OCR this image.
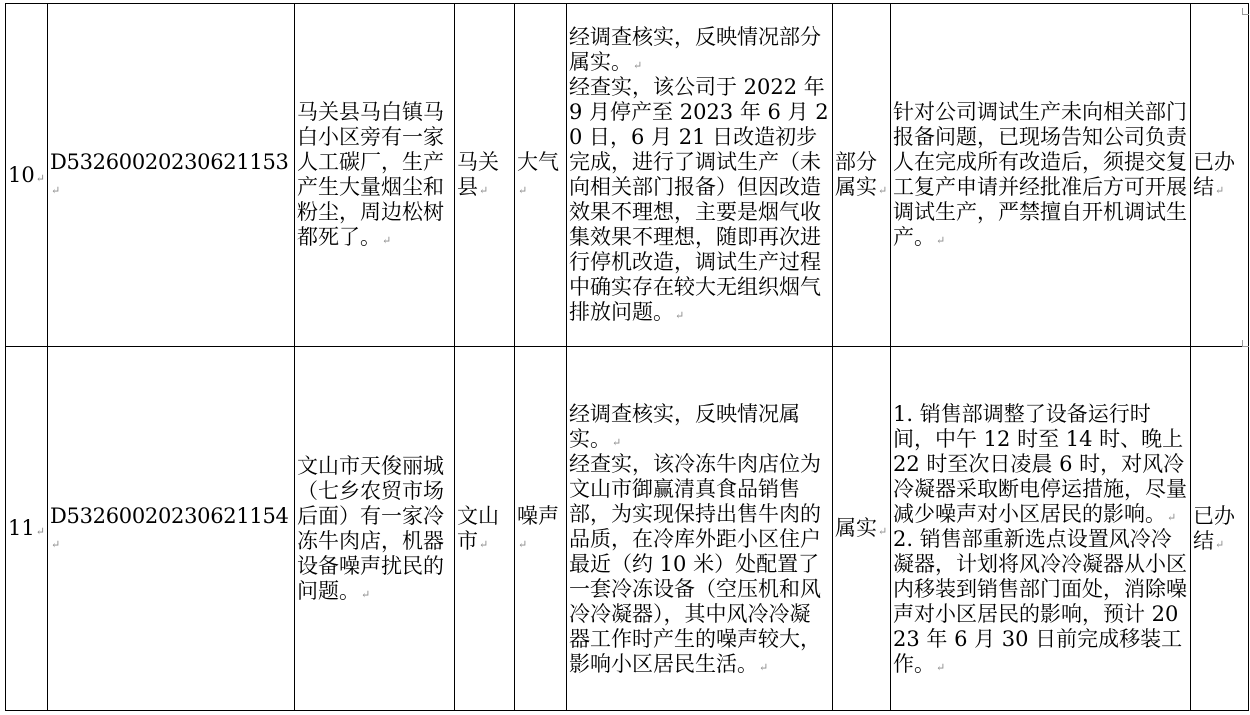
10↵	D53260020230621153↵	马关县马白镇马白小区旁有一家人工碳厂，生产产生大量烟尘和粉尘，周边松树都死了。↵	马关县↵	大气↵	经调查核实，反映情况部分属实。↵
经查实，该公司于 2022 年 9 月停产至 2023 年 6 月 20 日，6 月 21 日改造初步完成，进行了调试生产（未向相关部门报备）但因改造效果不理想，主要是烟气收集效果不理想，随即再次进行停机改造，调试生产过程中确实存在较大无组织烟气排放问题。↵	部分属实↵	针对公司调试生产未向相关部门报备问题，已现场告知公司负责人在完成所有改造后，须提交复工复产申请并经批准后方可开展调试生产，严禁擅自开机调试生产。↵	已办结↵
11↵	D53260020230621154↵	文山市天俊丽城（七乡农贸市场后面）有一家冷冻牛肉店，机器设备噪声扰民的问题。↵	文山市↵	噪声↵	经调查核实，反映情况属实。↵
经查实，该冷冻牛肉店位为文山市御赢清真食品销售部，为实现保持出售牛肉的品质，在冷库外距小区住户最近（约 10 米）处配置了一套冷冻设备（空压机和风冷冷凝器），其中风冷冷凝器工作时产生的噪声较大，影响小区居民生活。↵	属实↵	1. 销售部调整了设备运行时间，中午 12 时至 14 时、晚上 22 时至次日凌晨 6 时，对风冷冷凝器采取断电停运措施，尽量减少噪声对小区居民的影响。↵
2. 销售部重新选点设置风冷冷凝器，计划将风冷冷凝器从小区内移装到销售部门面处，消除噪声对小区居民的影响，预计 2023 年 6 月 30 日前完成移装工作。↵	已办结↵
